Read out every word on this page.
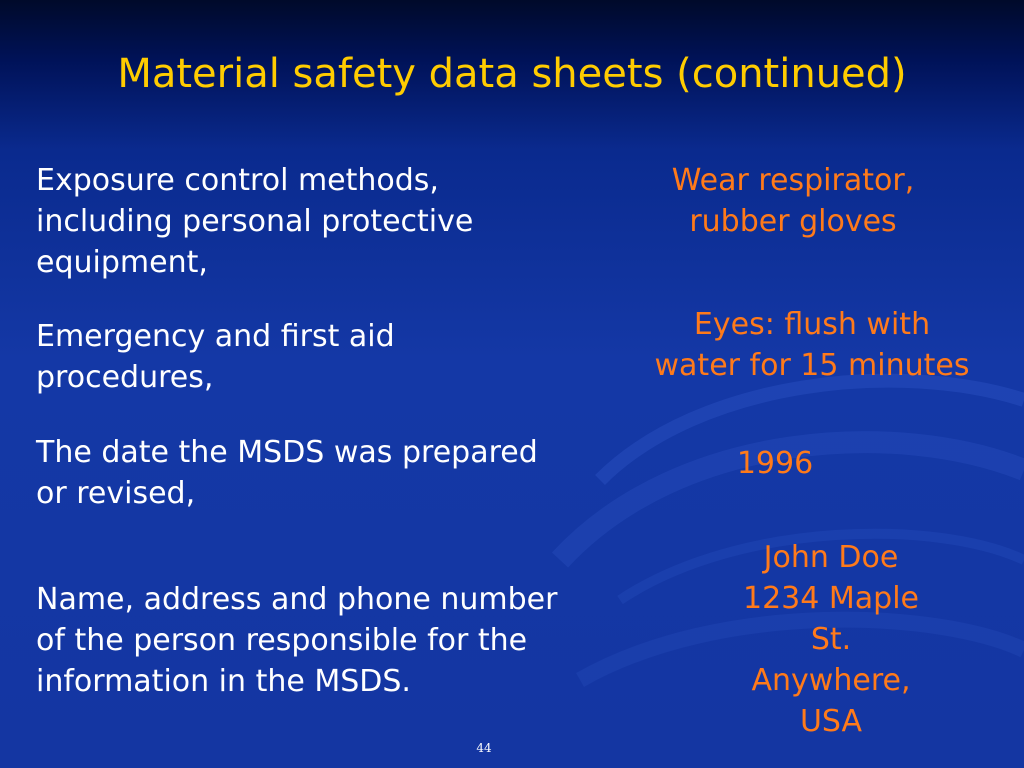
Material safety data sheets (continued)
Exposure control methods,
including personal protective
equipment,
Wear respirator,
rubber gloves
Emergency and first aid
procedures,
Eyes: flush with
water for 15 minutes
The date the MSDS was prepared
or revised,
1996
Name, address and phone number
of the person responsible for the
information in the MSDS.
John Doe
1234 Maple
St.
Anywhere,
USA
44
